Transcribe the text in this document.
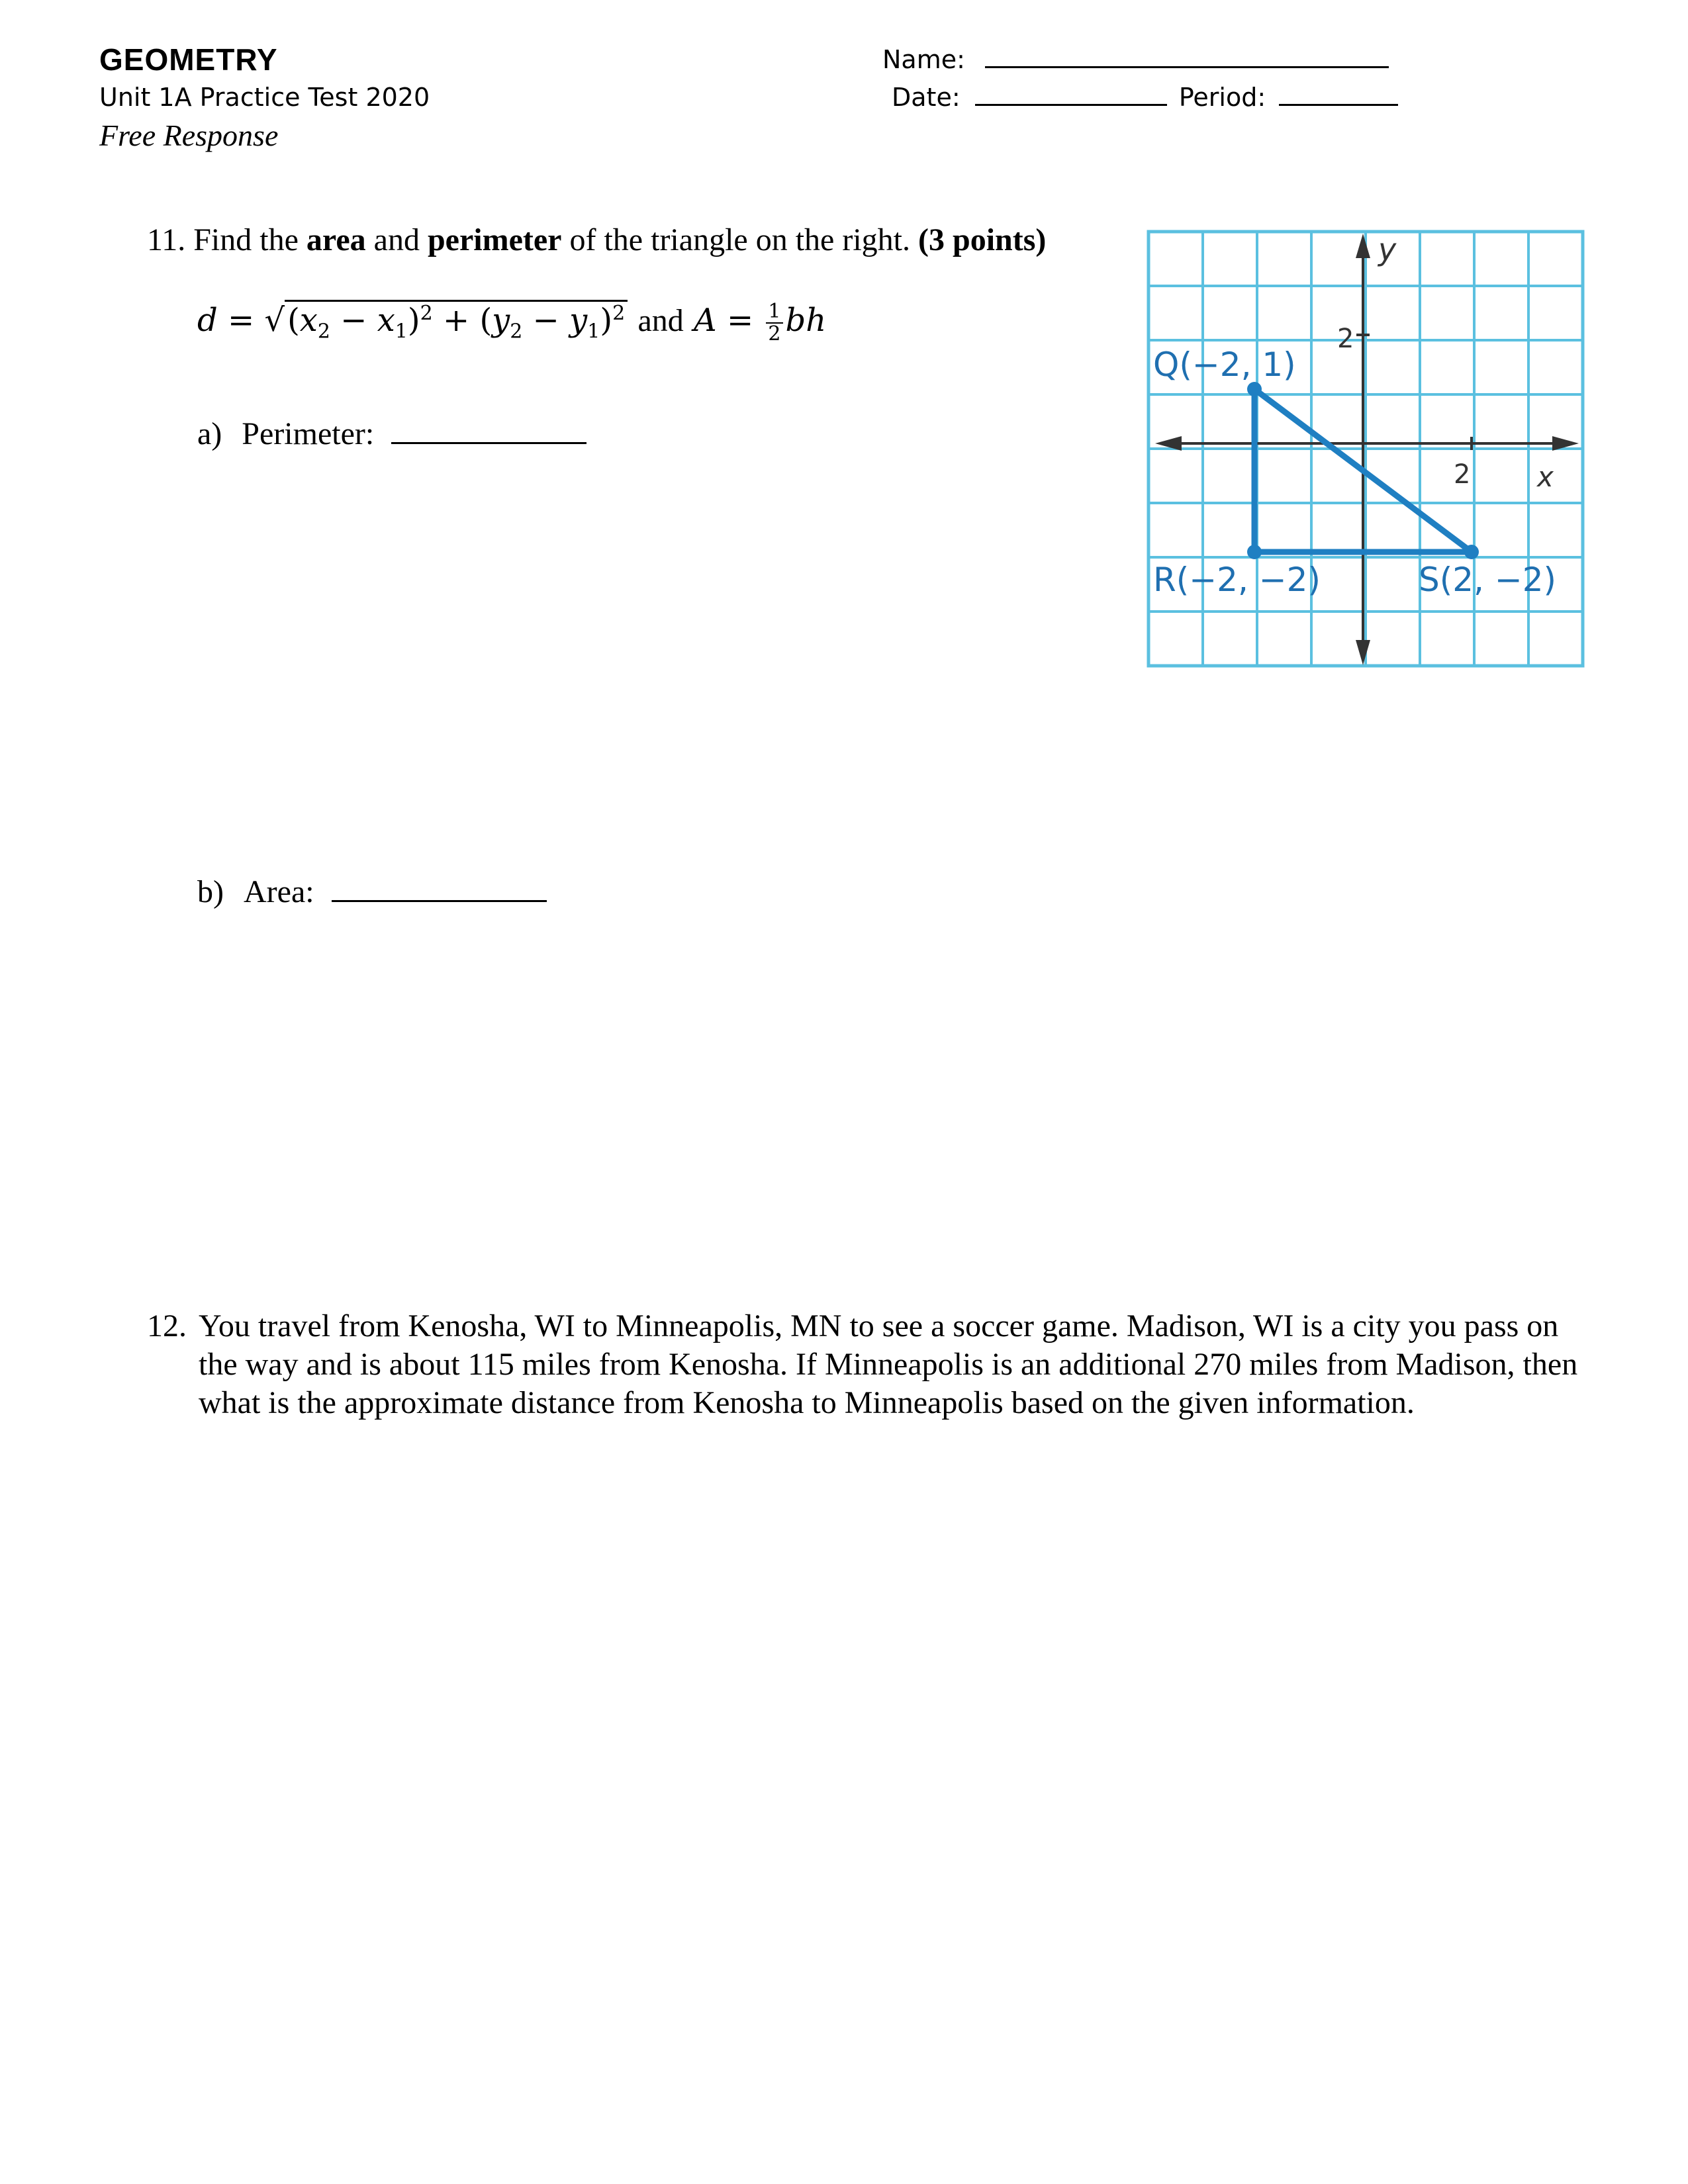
GEOMETRY
Unit 1A Practice Test 2020
Free Response
Name:
Date:	Period:
11. Find the area and perimeter of the triangle on the right. (3 points)
$d = √(x_2 - x_1)^2 + (y_2 - y_1)^2$ and $A = \frac{1}{2}$ bh
a) Perimeter:
b) Area:
y
x
2
2
Q(−2, 1)
R(−2, −2)	S(2, −2)
12. You travel from Kenosha, WI to Minneapolis, MN to see a soccer game. Madison, WI is a city you pass on the way and is about 115 miles from Kenosha. If Minneapolis is an additional 270 miles from Madison, then what is the approximate distance from Kenosha to Minneapolis based on the given information.
